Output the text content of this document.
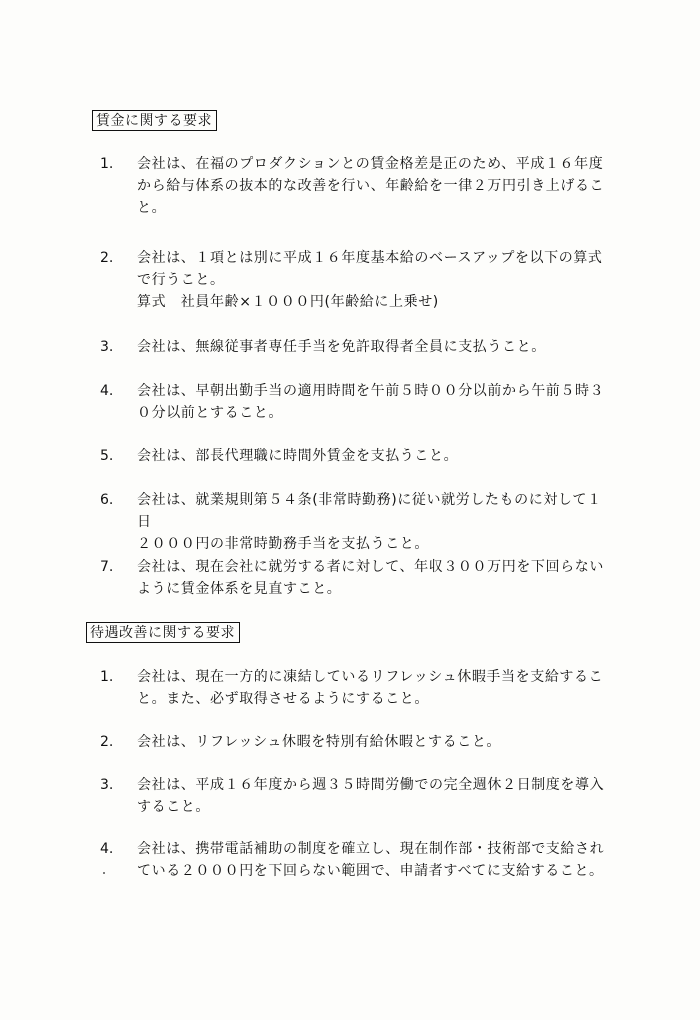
賃金に関する要求
1. 会社は、在福のプロダクションとの賃金格差是正のため、平成１６年度
から給与体系の抜本的な改善を行い、年齢給を一律２万円引き上げるこ
と。
2. 会社は、１項とは別に平成１６年度基本給のベースアップを以下の算式
で行うこと。
算式　社員年齢×１０００円(年齢給に上乗せ)
3. 会社は、無線従事者専任手当を免許取得者全員に支払うこと。
4. 会社は、早朝出勤手当の適用時間を午前５時００分以前から午前５時３
０分以前とすること。
5. 会社は、部長代理職に時間外賃金を支払うこと。
6. 会社は、就業規則第５４条(非常時勤務)に従い就労したものに対して１日
２０００円の非常時勤務手当を支払うこと。
7. 会社は、現在会社に就労する者に対して、年収３００万円を下回らない
ように賃金体系を見直すこと。
待遇改善に関する要求
1. 会社は、現在一方的に凍結しているリフレッシュ休暇手当を支給するこ
と。また、必ず取得させるようにすること。
2. 会社は、リフレッシュ休暇を特別有給休暇とすること。
3. 会社は、平成１６年度から週３５時間労働での完全週休２日制度を導入
すること。
4. 会社は、携帯電話補助の制度を確立し、現在制作部・技術部で支給され
ている２０００円を下回らない範囲で、申請者すべてに支給すること。
